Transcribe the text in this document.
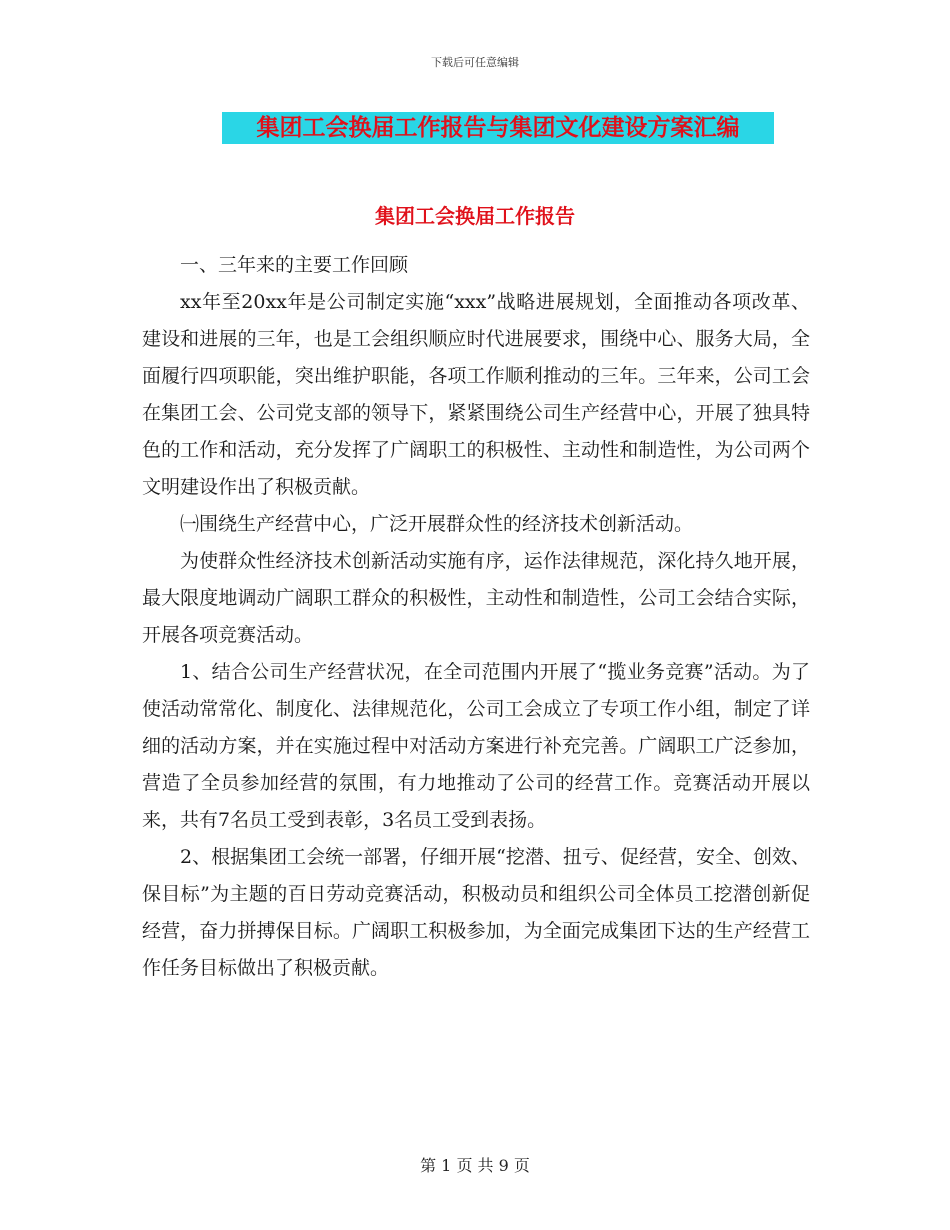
下载后可任意编辑
集团工会换届工作报告与集团文化建设方案汇编
集团工会换届工作报告

一、三年来的主要工作回顾

xx年至20xx年是公司制定实施“xxx”战略进展规划，全面推动各项改革、建设和进展的三年，也是工会组织顺应时代进展要求，围绕中心、服务大局，全面履行四项职能，突出维护职能，各项工作顺利推动的三年。三年来，公司工会在集团工会、公司党支部的领导下，紧紧围绕公司生产经营中心，开展了独具特色的工作和活动，充分发挥了广阔职工的积极性、主动性和制造性，为公司两个文明建设作出了积极贡献。

㈠围绕生产经营中心，广泛开展群众性的经济技术创新活动。

为使群众性经济技术创新活动实施有序，运作法律规范，深化持久地开展，最大限度地调动广阔职工群众的积极性，主动性和制造性，公司工会结合实际，开展各项竞赛活动。

1、结合公司生产经营状况，在全司范围内开展了“揽业务竞赛”活动。为了使活动常常化、制度化、法律规范化，公司工会成立了专项工作小组，制定了详细的活动方案，并在实施过程中对活动方案进行补充完善。广阔职工广泛参加，营造了全员参加经营的氛围，有力地推动了公司的经营工作。竞赛活动开展以来，共有7名员工受到表彰，3名员工受到表扬。

2、根据集团工会统一部署，仔细开展“挖潜、扭亏、促经营，安全、创效、保目标”为主题的百日劳动竞赛活动，积极动员和组织公司全体员工挖潜创新促经营，奋力拼搏保目标。广阔职工积极参加，为全面完成集团下达的生产经营工作任务目标做出了积极贡献。

第 1 页 共 9 页
